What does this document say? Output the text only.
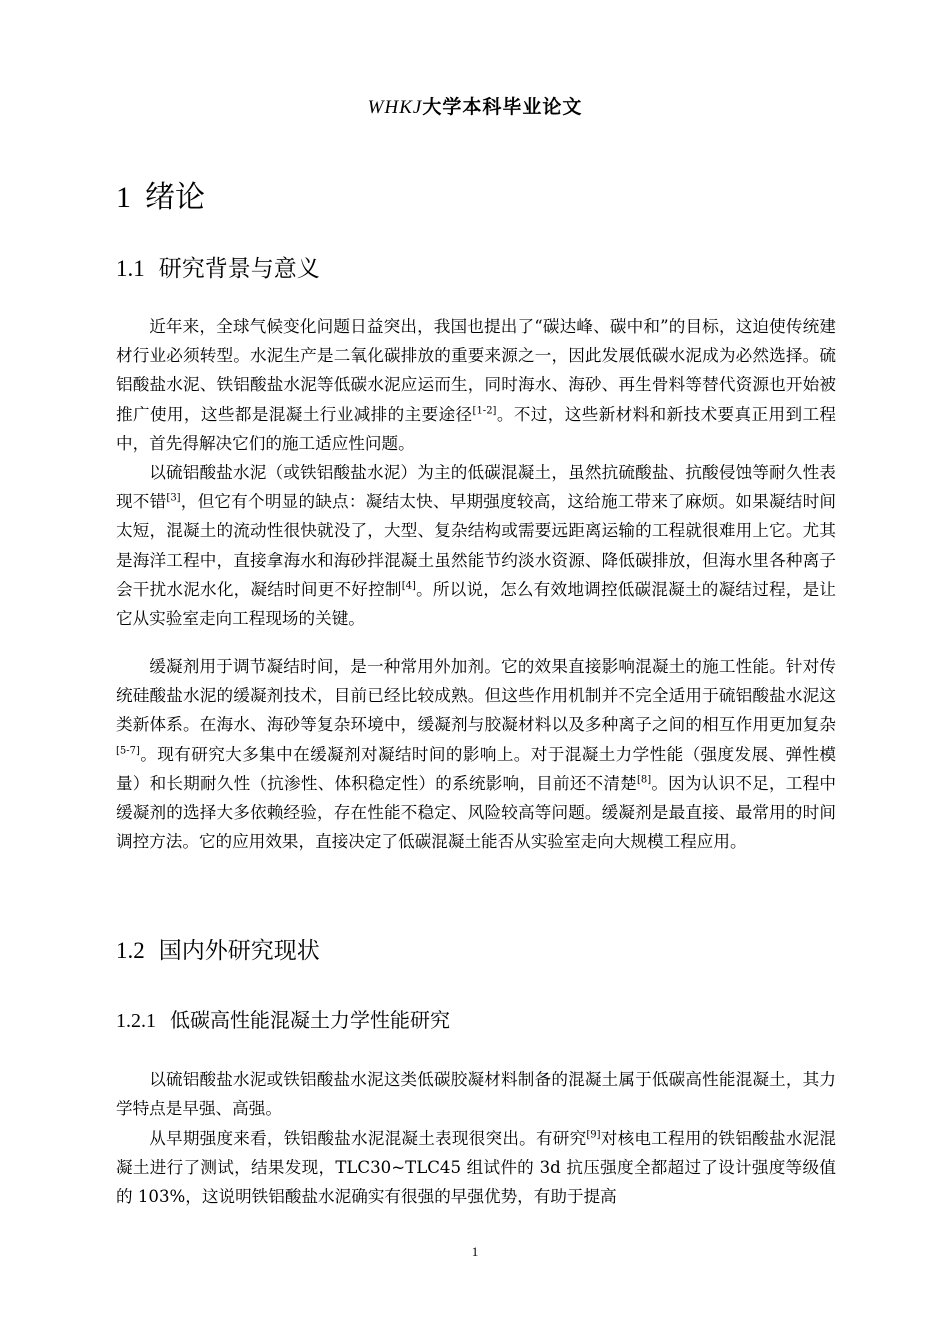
WHKJ大学本科毕业论文
1 绪论
1.1 研究背景与意义

近年来，全球气候变化问题日益突出，我国也提出了“碳达峰、碳中和”的目标，这迫使传统建材行业必须转型。水泥生产是二氧化碳排放的重要来源之一，因此发展低碳水泥成为必然选择。硫铝酸盐水泥、铁铝酸盐水泥等低碳水泥应运而生，同时海水、海砂、再生骨料等替代资源也开始被推广使用，这些都是混凝土行业减排的主要途径[1-2]。不过，这些新材料和新技术要真正用到工程中，首先得解决它们的施工适应性问题。

以硫铝酸盐水泥（或铁铝酸盐水泥）为主的低碳混凝土，虽然抗硫酸盐、抗酸侵蚀等耐久性表现不错[3]，但它有个明显的缺点：凝结太快、早期强度较高，这给施工带来了麻烦。如果凝结时间太短，混凝土的流动性很快就没了，大型、复杂结构或需要远距离运输的工程就很难用上它。尤其是海洋工程中，直接拿海水和海砂拌混凝土虽然能节约淡水资源、降低碳排放，但海水里各种离子会干扰水泥水化，凝结时间更不好控制[4]。所以说，怎么有效地调控低碳混凝土的凝结过程，是让它从实验室走向工程现场的关键。

缓凝剂用于调节凝结时间，是一种常用外加剂。它的效果直接影响混凝土的施工性能。针对传统硅酸盐水泥的缓凝剂技术，目前已经比较成熟。但这些作用机制并不完全适用于硫铝酸盐水泥这类新体系。在海水、海砂等复杂环境中，缓凝剂与胶凝材料以及多种离子之间的相互作用更加复杂[5-7]。现有研究大多集中在缓凝剂对凝结时间的影响上。对于混凝土力学性能（强度发展、弹性模量）和长期耐久性（抗渗性、体积稳定性）的系统影响，目前还不清楚[8]。因为认识不足，工程中缓凝剂的选择大多依赖经验，存在性能不稳定、风险较高等问题。缓凝剂是最直接、最常用的时间调控方法。它的应用效果，直接决定了低碳混凝土能否从实验室走向大规模工程应用。

1.2 国内外研究现状
1.2.1 低碳高性能混凝土力学性能研究

以硫铝酸盐水泥或铁铝酸盐水泥这类低碳胶凝材料制备的混凝土属于低碳高性能混凝土，其力学特点是早强、高强。

从早期强度来看，铁铝酸盐水泥混凝土表现很突出。有研究[9]对核电工程用的铁铝酸盐水泥混凝土进行了测试，结果发现，TLC30~TLC45 组试件的 3d 抗压强度全都超过了设计强度等级值的 103%，这说明铁铝酸盐水泥确实有很强的早强优势，有助于提高

1
